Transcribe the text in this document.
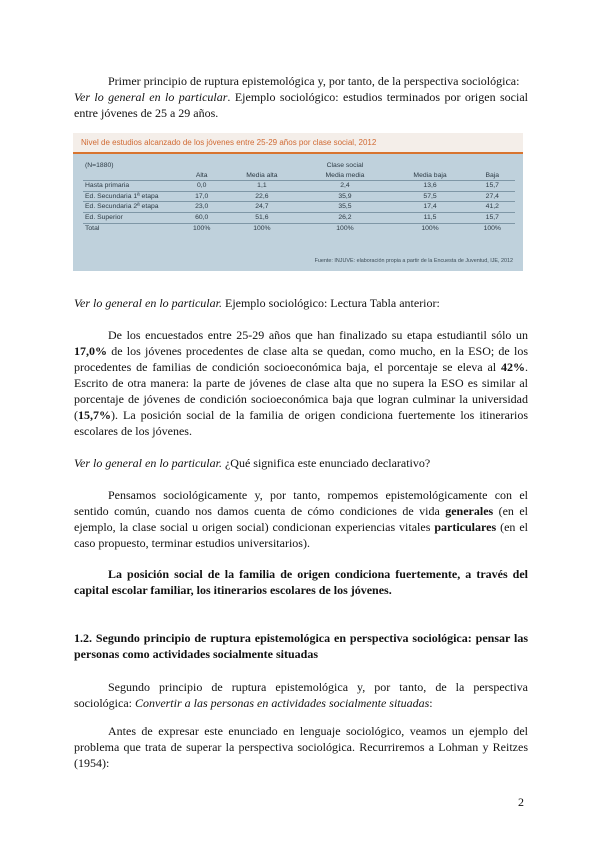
Primer principio de ruptura epistemológica y, por tanto, de la perspectiva sociológica:
Ver lo general en lo particular. Ejemplo sociológico: estudios terminados por origen social entre jóvenes de 25 a 29 años.
Nivel de estudios alcanzado de los jóvenes entre 25-29 años por clase social, 2012
(N=1880)			Clase social		
	Alta	Media alta	Media media	Media baja	Baja
Hasta primaria	0,0	1,1	2,4	13,6	15,7
Ed. Secundaria 1ª etapa	17,0	22,6	35,9	57,5	27,4
Ed. Secundaria 2ª etapa	23,0	24,7	35,5	17,4	41,2
Ed. Superior	60,0	51,6	26,2	11,5	15,7
Total	100%	100%	100%	100%	100%
Fuente: INJUVE: elaboración propia a partir de la Encuesta de Juventud, IJE, 2012

Ver lo general en lo particular. Ejemplo sociológico: Lectura Tabla anterior:

De los encuestados entre 25-29 años que han finalizado su etapa estudiantil sólo un 17,0% de los jóvenes procedentes de clase alta se quedan, como mucho, en la ESO; de los procedentes de familias de condición socioeconómica baja, el porcentaje se eleva al 42%. Escrito de otra manera: la parte de jóvenes de clase alta que no supera la ESO es similar al porcentaje de jóvenes de condición socioeconómica baja que logran culminar la universidad (15,7%). La posición social de la familia de origen condiciona fuertemente los itinerarios escolares de los jóvenes.

Ver lo general en lo particular. ¿Qué significa este enunciado declarativo?

Pensamos sociológicamente y, por tanto, rompemos epistemológicamente con el sentido común, cuando nos damos cuenta de cómo condiciones de vida generales (en el ejemplo, la clase social u origen social) condicionan experiencias vitales particulares (en el caso propuesto, terminar estudios universitarios).

La posición social de la familia de origen condiciona fuertemente, a través del capital escolar familiar, los itinerarios escolares de los jóvenes.

1.2. Segundo principio de ruptura epistemológica en perspectiva sociológica: pensar las personas como actividades socialmente situadas

Segundo principio de ruptura epistemológica y, por tanto, de la perspectiva sociológica: Convertir a las personas en actividades socialmente situadas:

Antes de expresar este enunciado en lenguaje sociológico, veamos un ejemplo del problema que trata de superar la perspectiva sociológica. Recurriremos a Lohman y Reitzes (1954):

2
